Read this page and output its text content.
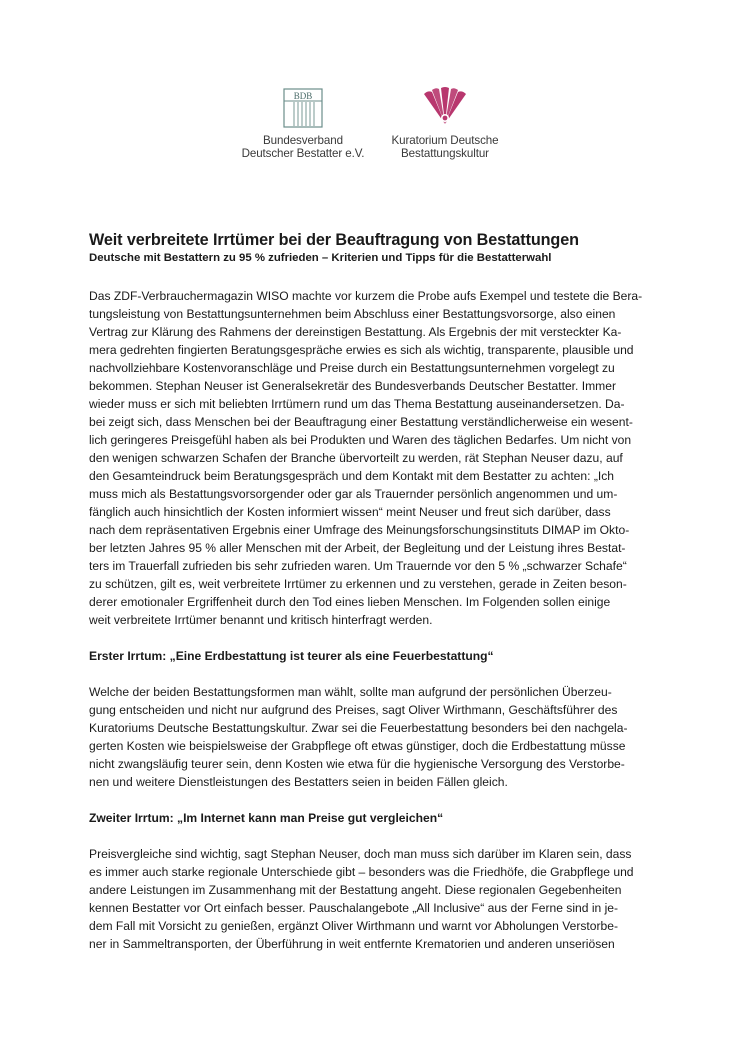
BDB
Bundesverband
Deutscher Bestatter e.V.
Kuratorium Deutsche
Bestattungskultur
Weit verbreitete Irrtümer bei der Beauftragung von Bestattungen
Deutsche mit Bestattern zu 95 % zufrieden – Kriterien und Tipps für die Bestatterwahl

Das ZDF-Verbrauchermagazin WISO machte vor kurzem die Probe aufs Exempel und testete die Bera-
tungsleistung von Bestattungsunternehmen beim Abschluss einer Bestattungsvorsorge, also einen
Vertrag zur Klärung des Rahmens der dereinstigen Bestattung. Als Ergebnis der mit versteckter Ka-
mera gedrehten fingierten Beratungsgespräche erwies es sich als wichtig, transparente, plausible und
nachvollziehbare Kostenvoranschläge und Preise durch ein Bestattungsunternehmen vorgelegt zu
bekommen. Stephan Neuser ist Generalsekretär des Bundesverbands Deutscher Bestatter. Immer
wieder muss er sich mit beliebten Irrtümern rund um das Thema Bestattung auseinandersetzen. Da-
bei zeigt sich, dass Menschen bei der Beauftragung einer Bestattung verständlicherweise ein wesent-
lich geringeres Preisgefühl haben als bei Produkten und Waren des täglichen Bedarfes. Um nicht von
den wenigen schwarzen Schafen der Branche übervorteilt zu werden, rät Stephan Neuser dazu, auf
den Gesamteindruck beim Beratungsgespräch und dem Kontakt mit dem Bestatter zu achten: „Ich
muss mich als Bestattungsvorsorgender oder gar als Trauernder persönlich angenommen und um-
fänglich auch hinsichtlich der Kosten informiert wissen“ meint Neuser und freut sich darüber, dass
nach dem repräsentativen Ergebnis einer Umfrage des Meinungsforschungsinstituts DIMAP im Okto-
ber letzten Jahres 95 % aller Menschen mit der Arbeit, der Begleitung und der Leistung ihres Bestat-
ters im Trauerfall zufrieden bis sehr zufrieden waren. Um Trauernde vor den 5 % „schwarzer Schafe“
zu schützen, gilt es, weit verbreitete Irrtümer zu erkennen und zu verstehen, gerade in Zeiten beson-
derer emotionaler Ergriffenheit durch den Tod eines lieben Menschen. Im Folgenden sollen einige
weit verbreitete Irrtümer benannt und kritisch hinterfragt werden.

Erster Irrtum: „Eine Erdbestattung ist teurer als eine Feuerbestattung“

Welche der beiden Bestattungsformen man wählt, sollte man aufgrund der persönlichen Überzeu-
gung entscheiden und nicht nur aufgrund des Preises, sagt Oliver Wirthmann, Geschäftsführer des
Kuratoriums Deutsche Bestattungskultur. Zwar sei die Feuerbestattung besonders bei den nachgela-
gerten Kosten wie beispielsweise der Grabpflege oft etwas günstiger, doch die Erdbestattung müsse
nicht zwangsläufig teurer sein, denn Kosten wie etwa für die hygienische Versorgung des Verstorbe-
nen und weitere Dienstleistungen des Bestatters seien in beiden Fällen gleich.

Zweiter Irrtum: „Im Internet kann man Preise gut vergleichen“

Preisvergleiche sind wichtig, sagt Stephan Neuser, doch man muss sich darüber im Klaren sein, dass
es immer auch starke regionale Unterschiede gibt – besonders was die Friedhöfe, die Grabpflege und
andere Leistungen im Zusammenhang mit der Bestattung angeht. Diese regionalen Gegebenheiten
kennen Bestatter vor Ort einfach besser. Pauschalangebote „All Inclusive“ aus der Ferne sind in je-
dem Fall mit Vorsicht zu genießen, ergänzt Oliver Wirthmann und warnt vor Abholungen Verstorbe-
ner in Sammeltransporten, der Überführung in weit entfernte Krematorien und anderen unseriösen
